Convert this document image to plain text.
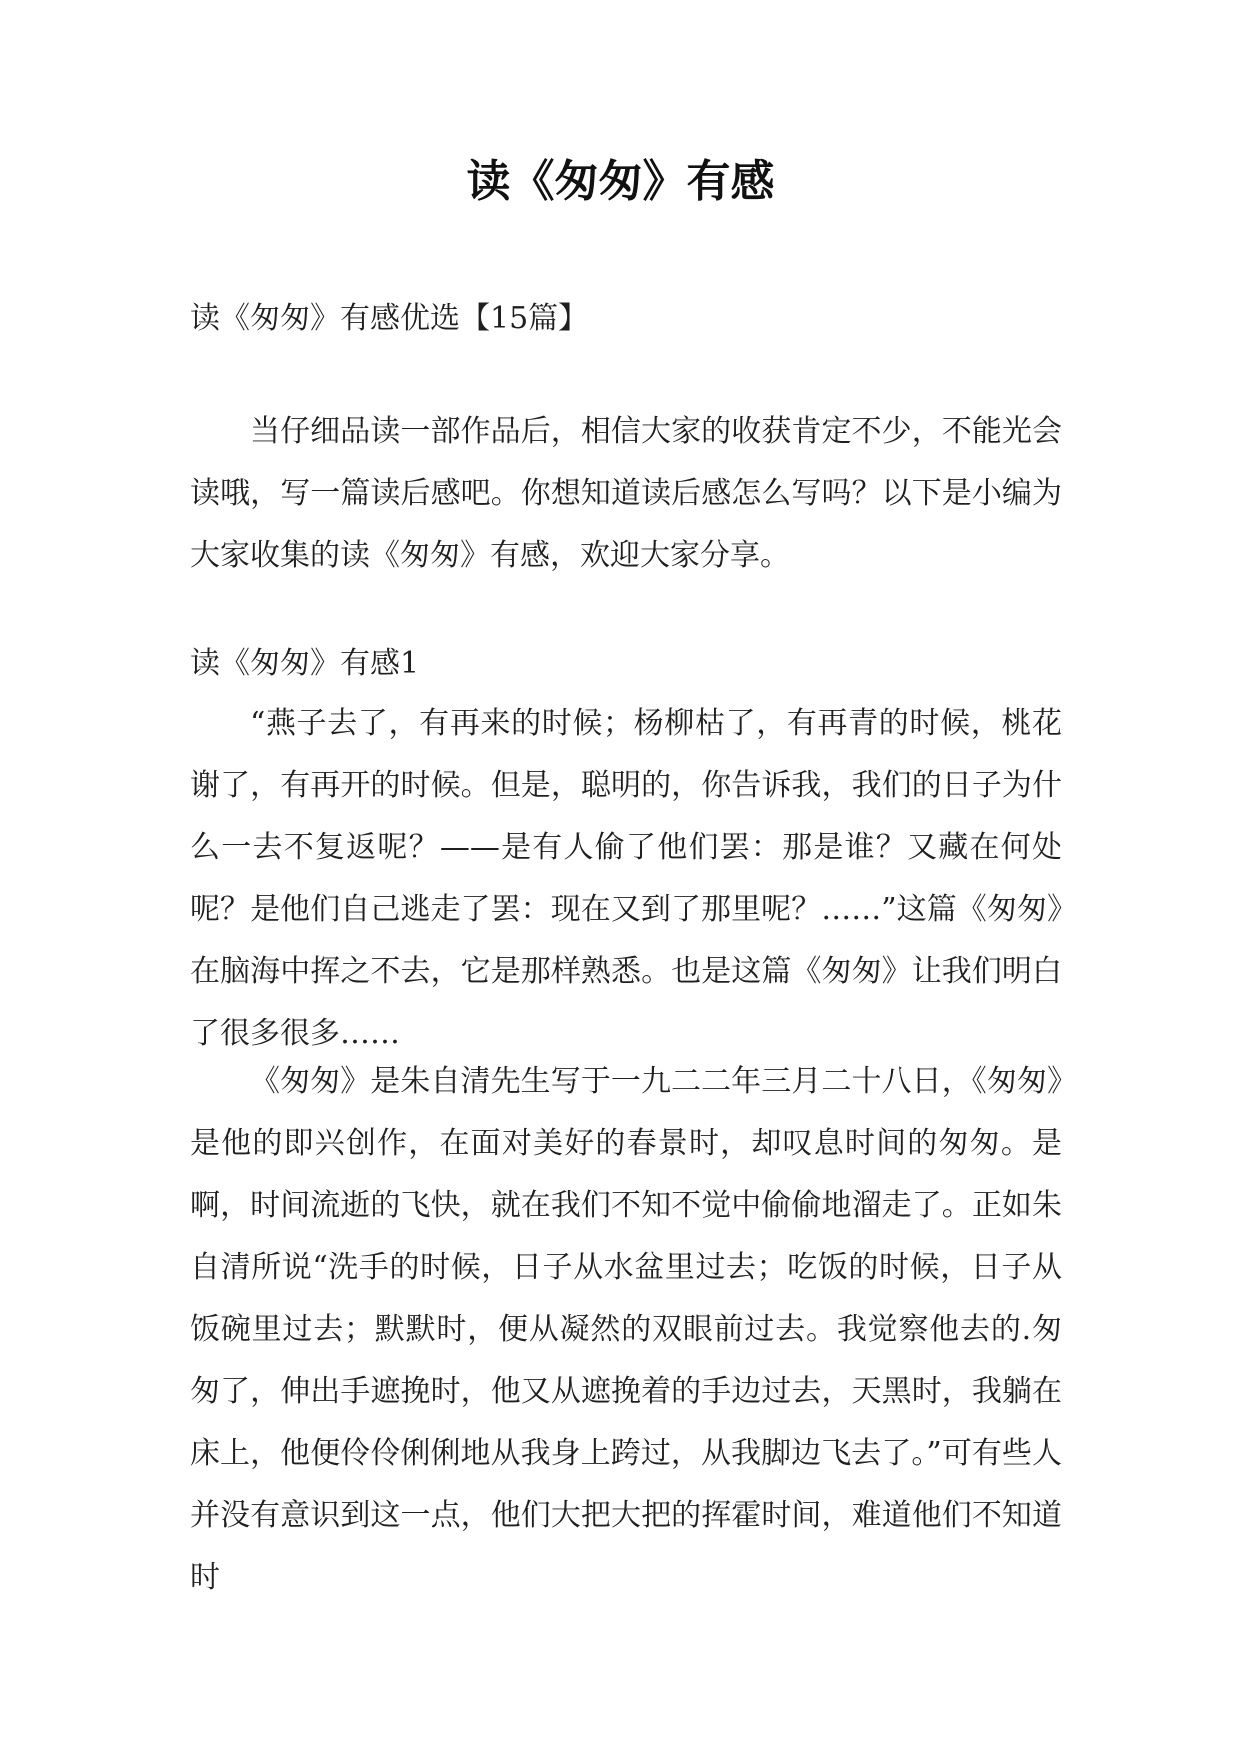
读《匆匆》有感

读《匆匆》有感优选【15篇】

当仔细品读一部作品后，相信大家的收获肯定不少，不能光会读哦，写一篇读后感吧。你想知道读后感怎么写吗？以下是小编为大家收集的读《匆匆》有感，欢迎大家分享。

读《匆匆》有感1

“燕子去了，有再来的时候；杨柳枯了，有再青的时候，桃花谢了，有再开的时候。但是，聪明的，你告诉我，我们的日子为什么一去不复返呢？——是有人偷了他们罢：那是谁？又藏在何处呢？是他们自己逃走了罢：现在又到了那里呢？……”这篇《匆匆》在脑海中挥之不去，它是那样熟悉。也是这篇《匆匆》让我们明白了很多很多……

《匆匆》是朱自清先生写于一九二二年三月二十八日，《匆匆》是他的即兴创作，在面对美好的春景时，却叹息时间的匆匆。是啊，时间流逝的飞快，就在我们不知不觉中偷偷地溜走了。正如朱自清所说“洗手的时候，日子从水盆里过去；吃饭的时候，日子从饭碗里过去；默默时，便从凝然的双眼前过去。我觉察他去的.匆匆了，伸出手遮挽时，他又从遮挽着的手边过去，天黑时，我躺在床上，他便伶伶俐俐地从我身上跨过，从我脚边飞去了。”可有些人并没有意识到这一点，他们大把大把的挥霍时间，难道他们不知道时
